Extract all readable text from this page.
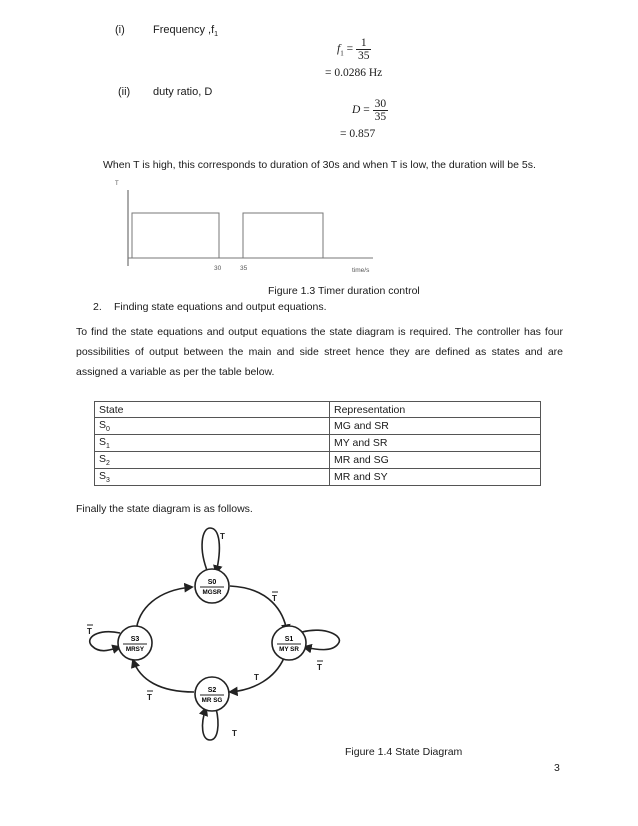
(i)	Frequency $,f_1$
$f_1 = \frac{1}{35}$
= 0.0286 Hz
(ii) duty ratio, D
$D = \frac{30}{35}$
= 0.857
When T is high, this corresponds to duration of 30s and when T is low, the duration will be 5s.
T
30	35	time/s
Figure 1.3 Timer duration control
2. Finding state equations and output equations.
To find the state equations and output equations the state diagram is required. The controller has four possibilities of output between the main and side street hence they are defined as states and are assigned a variable as per the table below.
State	Representation
$S_0$	MG and SR
$S_1$	MY and SR
$S_2$	MR and SG
$S_3$	MR and SY
Finally the state diagram is as follows.
S0
MGSR
S1
MY SR
S2
MR SG
S3
MRSY
T
T
T
T
T
T
T
Figure 1.4 State Diagram
3
